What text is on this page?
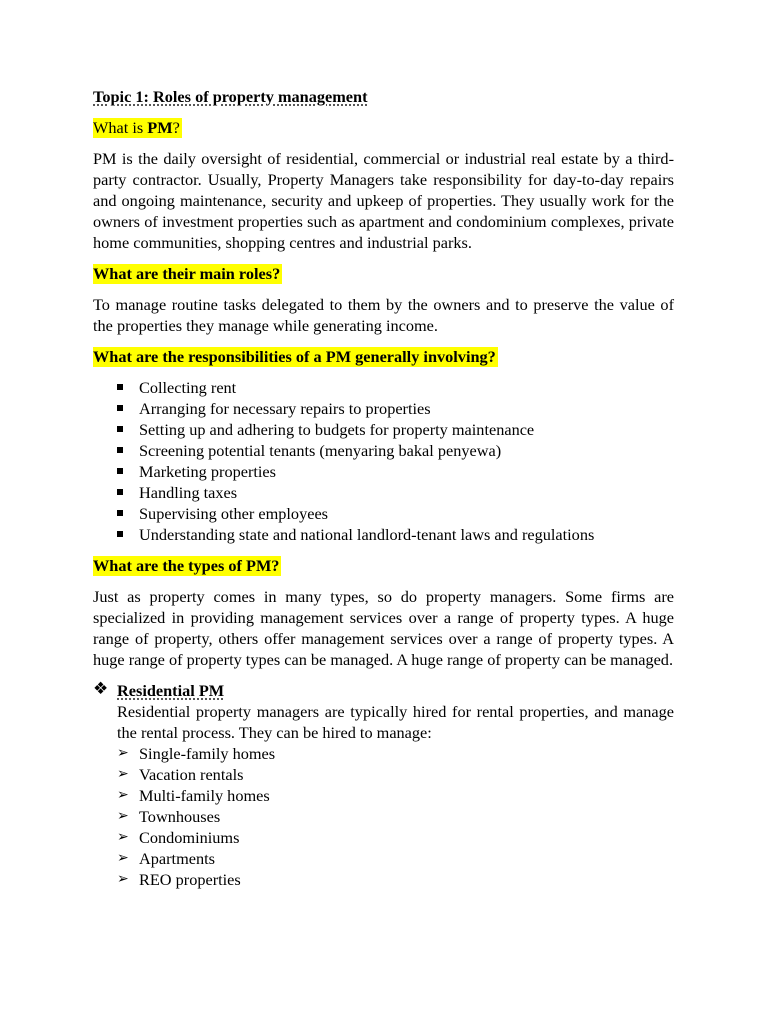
Topic 1: Roles of property management
What is PM?

PM is the daily oversight of residential, commercial or industrial real estate by a third-party contractor. Usually, Property Managers take responsibility for day-to-day repairs and ongoing maintenance, security and upkeep of properties. They usually work for the owners of investment properties such as apartment and condominium complexes, private home communities, shopping centres and industrial parks.

What are their main roles?

To manage routine tasks delegated to them by the owners and to preserve the value of the properties they manage while generating income.

What are the responsibilities of a PM generally involving?
Collecting rent
Arranging for necessary repairs to properties
Setting up and adhering to budgets for property maintenance
Screening potential tenants (menyaring bakal penyewa)
Marketing properties
Handling taxes
Supervising other employees
Understanding state and national landlord-tenant laws and regulations
What are the types of PM?

Just as property comes in many types, so do property managers. Some firms are specialized in providing management services over a range of property types. A huge range of property, others offer management services over a range of property types. A huge range of property types can be managed. A huge range of property can be managed.

❖ Residential PM

Residential property managers are typically hired for rental properties, and manage the rental process. They can be hired to manage:

➢ Single-family homes
➢ Vacation rentals
➢ Multi-family homes
➢ Townhouses
➢ Condominiums
➢ Apartments
➢ REO properties
